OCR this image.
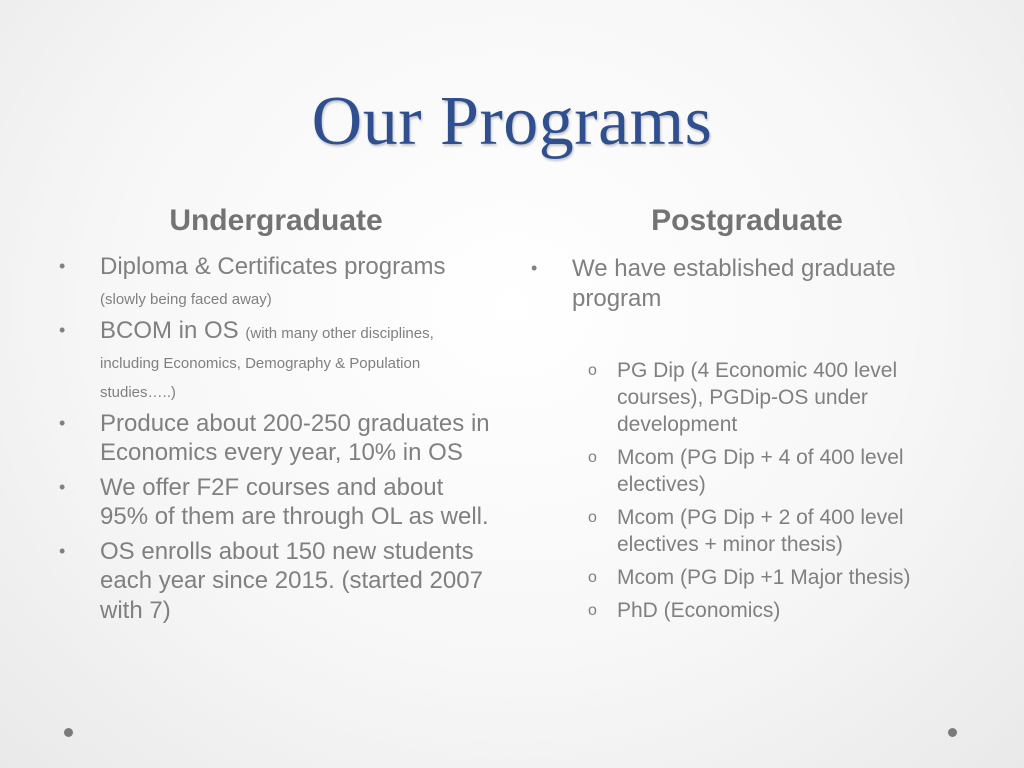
Our Programs
Undergraduate	Postgraduate
• Diploma & Certificates programs (slowly being faced away)
• BCOM in OS (with many other disciplines, including Economics, Demography & Population studies…..)
• Produce about 200-250 graduates in Economics every year, 10% in OS
• We offer F2F courses and about 95% of them are through OL as well.
• OS enrolls about 150 new students each year since 2015. (started 2007 with 7)
• We have established graduate program
o PG Dip (4 Economic 400 level courses), PGDip-OS under development
o Mcom (PG Dip + 4 of 400 level electives)
o Mcom (PG Dip + 2 of 400 level electives + minor thesis)
o Mcom (PG Dip +1 Major thesis)
o PhD (Economics)
